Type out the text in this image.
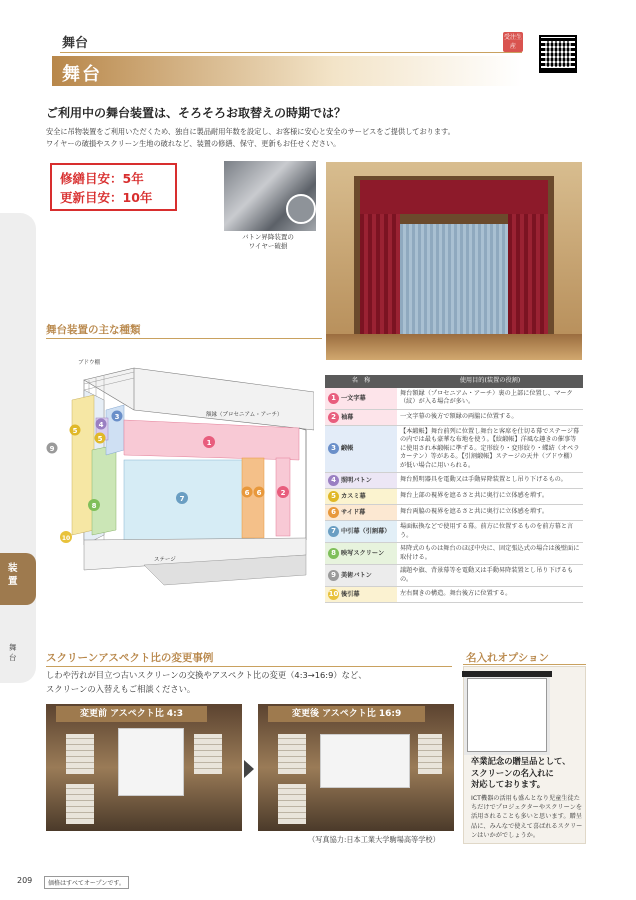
舞台
舞台
受注生産
ご利用中の舞台装置は、そろそろお取替えの時期では？
安全に吊物装置をご利用いただくため、独自に製品耐用年数を設定し、お客様に安心と安全のサービスをご提供しております。
ワイヤーの破損やスクリーン生地の破れなど、装置の修繕、保守、更新もお任せください。
修繕目安：5年
更新目安：10年
バトン昇降装置の
ワイヤー破損
装置
舞台
舞台装置の主な種類
1
2
3
4
5
5
6 6
7
8
9
10
ブドウ棚
額縁（プロセニアム・アーチ）
ステージ
名　称	使用目的(装置の役割)
1 一文字幕	舞台額縁（プロセニアム・アーチ）裏の上部に位置し、マーク（紋）が入る場合が多い。
2 袖幕	一文字幕の後方で額縁の両脇に位置する。
3 緞帳	【本緞帳】舞台前列に位置し舞台と客席を仕切る幕でステージ幕の内では最も豪華な布地を使う。【絞緞帳】洋風な趣きの催事等に使用され本緞帳に準ずる。定形絞り・変形絞り・蝶結（オペラカーテン）等がある。【引割緞帳】ステージの天井（ブドウ棚）が低い場合に用いられる。
4 照明バトン	舞台照明器具を電動又は手動昇降装置とし吊り下げるもの。
5 カスミ幕	舞台上部の視界を遮るさと共に奥行に立体感を増す。
6 サイド幕	舞台両脇の視界を遮るさと共に奥行に立体感を増す。
7 中引幕（引割幕）	場面転換などで使用する幕。前方に位置するものを前方幕と言う。
8 映写スクリーン	昇降式のものは舞台のほぼ中央に、固定張込式の場合は後壁面に取付ける。
9 美術バトン	議題や旗、背景幕等を電動又は手動昇降装置とし吊り下げるもの。
10 後引幕	左右開きの構造。舞台後方に位置する。
スクリーンアスペクト比の変更事例
しわや汚れが目立つ古いスクリーンの交換やアスペクト比の変更（4:3→16:9）など、
スクリーンの入替えもご相談ください。
変更前 アスペクト比 4:3	変更後 アスペクト比 16:9
（写真協力:日本工業大学駒場高等学校）
名入れオプション
卒業記念の贈呈品として、
スクリーンの名入れに
対応しております。
ICT機器の活用も盛んとなり児童生徒たちだけでプロジェクターやスクリーンを活用されることも多いと思います。贈呈品に、みんなで使えて喜ばれるスクリーンはいかがでしょうか。
209	価格はすべてオープンです。
